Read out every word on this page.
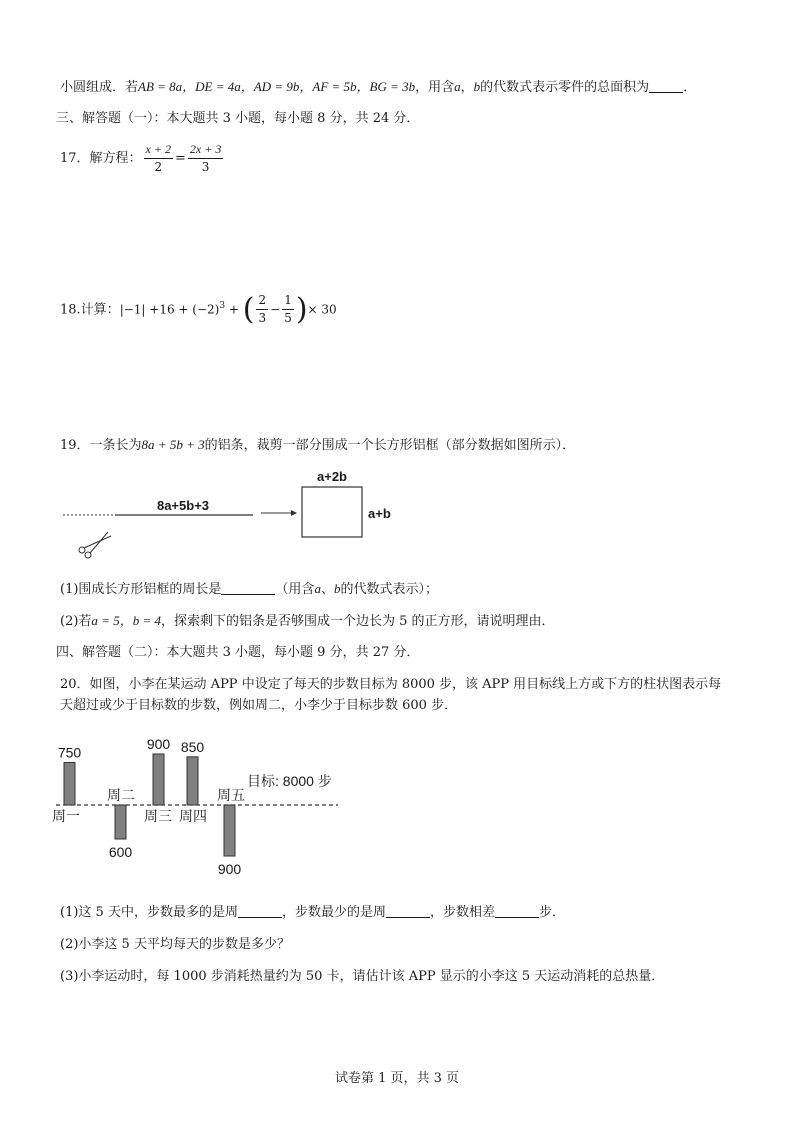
小圆组成．若AB = 8a，DE = 4a，AD = 9b，AF = 5b，BG = 3b，用含a，b的代数式表示零件的总面积为	．
三、解答题（一）：本大题共 3 小题，每小题 8 分，共 24 分．
17．解方程： $\frac{x + 2}{2} = \frac{2x + 3}{3}$
18.计算：$|-1| +16 + (-2)^3$ + ( $\frac{2}{3} - \frac{1}{5}$ )× 30
19．一条长为8a + 5b + 3的铝条，裁剪一部分围成一个长方形铝框（部分数据如图所示）．
8a+5b+3
a+2b
a+b
(1)围成长方形铝框的周长是	（用含a、b的代数式表示）；
(2)若a = 5，b = 4，探索剩下的铝条是否够围成一个边长为 5 的正方形，请说明理由．
四、解答题（二）：本大题共 3 小题，每小题 9 分，共 27 分．
20．如图，小李在某运动 APP 中设定了每天的步数目标为 8000 步，该 APP 用目标线上方或下方的柱状图表示每
天超过或少于目标数的步数，例如周二，小李少于目标步数 600 步．
目标: 8000 步
750
周一
600
周二
900
周三
850
周四
900
周五
(1)这 5 天中，步数最多的是周	，步数最少的是周	，步数相差	步．
(2)小李这 5 天平均每天的步数是多少？
(3)小李运动时，每 1000 步消耗热量约为 50 卡，请估计该 APP 显示的小李这 5 天运动消耗的总热量．
试卷第 1 页，共 3 页
